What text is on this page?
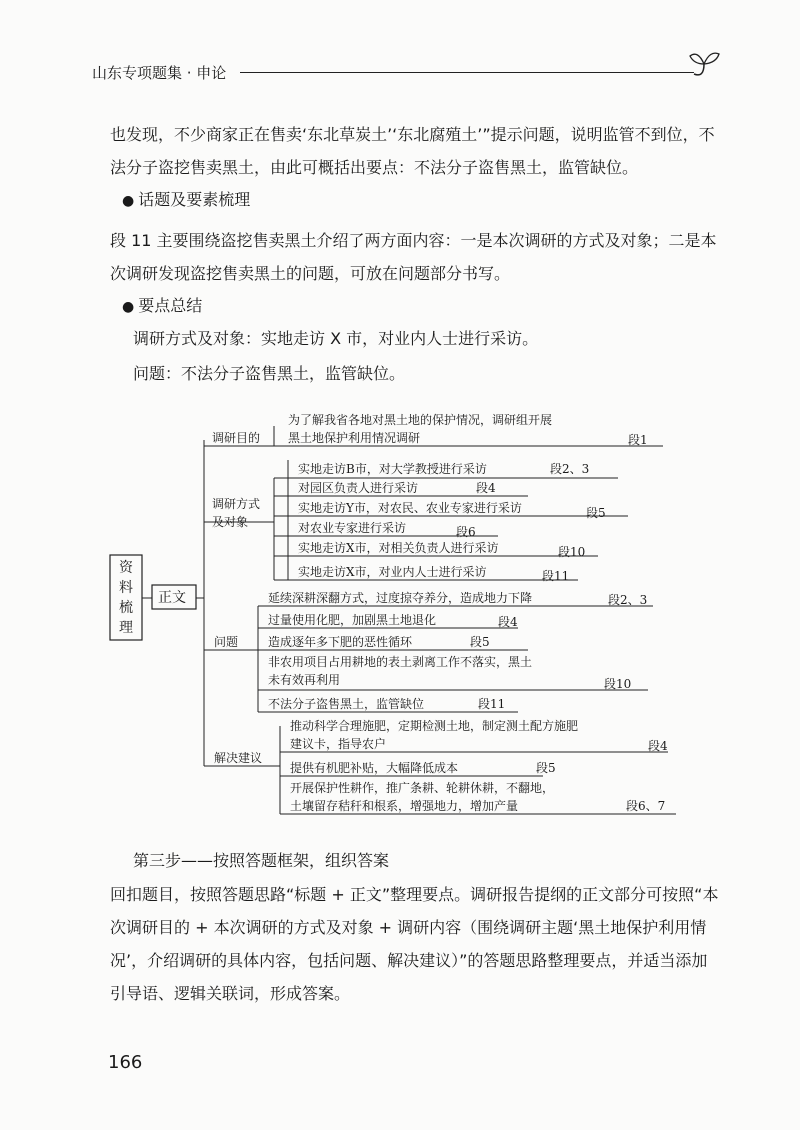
山东专项题集 · 申论

也发现，不少商家正在售卖‘东北草炭土’‘东北腐殖土’”提示问题，说明监管不到位，不法分子盗挖售卖黑土，由此可概括出要点：不法分子盗售黑土，监管缺位。

● 话题及要素梳理

段 11 主要围绕盗挖售卖黑土介绍了两方面内容：一是本次调研的方式及对象；二是本次调研发现盗挖售卖黑土的问题，可放在问题部分书写。

● 要点总结

调研方式及对象：实地走访 X 市，对业内人士进行采访。

问题：不法分子盗售黑土，监管缺位。

资
料
梳
理
正文
调研目的
为了解我省各地对黑土地的保护情况，调研组开展
黑土地保护利用情况调研	段1
调研方式
及对象
实地走访B市，对大学教授进行采访	段2、3
对园区负责人进行采访	段4
实地走访Y市，对农民、农业专家进行采访	段5
对农业专家进行采访	段6
实地走访X市，对相关负责人进行采访	段10
实地走访X市，对业内人士进行采访	段11
问题
延续深耕深翻方式，过度掠夺养分，造成地力下降	段2、3
过量使用化肥，加剧黑土地退化	段4
造成逐年多下肥的恶性循环	段5
非农用项目占用耕地的表土剥离工作不落实，黑土
未有效再利用	段10
不法分子盗售黑土，监管缺位	段11
解决建议
推动科学合理施肥，定期检测土地，制定测土配方施肥
建议卡，指导农户	段4
提供有机肥补贴，大幅降低成本	段5
开展保护性耕作，推广条耕、轮耕休耕，不翻地，
土壤留存秸秆和根系，增强地力，增加产量	段6、7
第三步——按照答题框架，组织答案

回扣题目，按照答题思路“标题 + 正文”整理要点。调研报告提纲的正文部分可按照“本次调研目的 + 本次调研的方式及对象 + 调研内容（围绕调研主题‘黑土地保护利用情况’，介绍调研的具体内容，包括问题、解决建议）”的答题思路整理要点，并适当添加引导语、逻辑关联词，形成答案。

166
